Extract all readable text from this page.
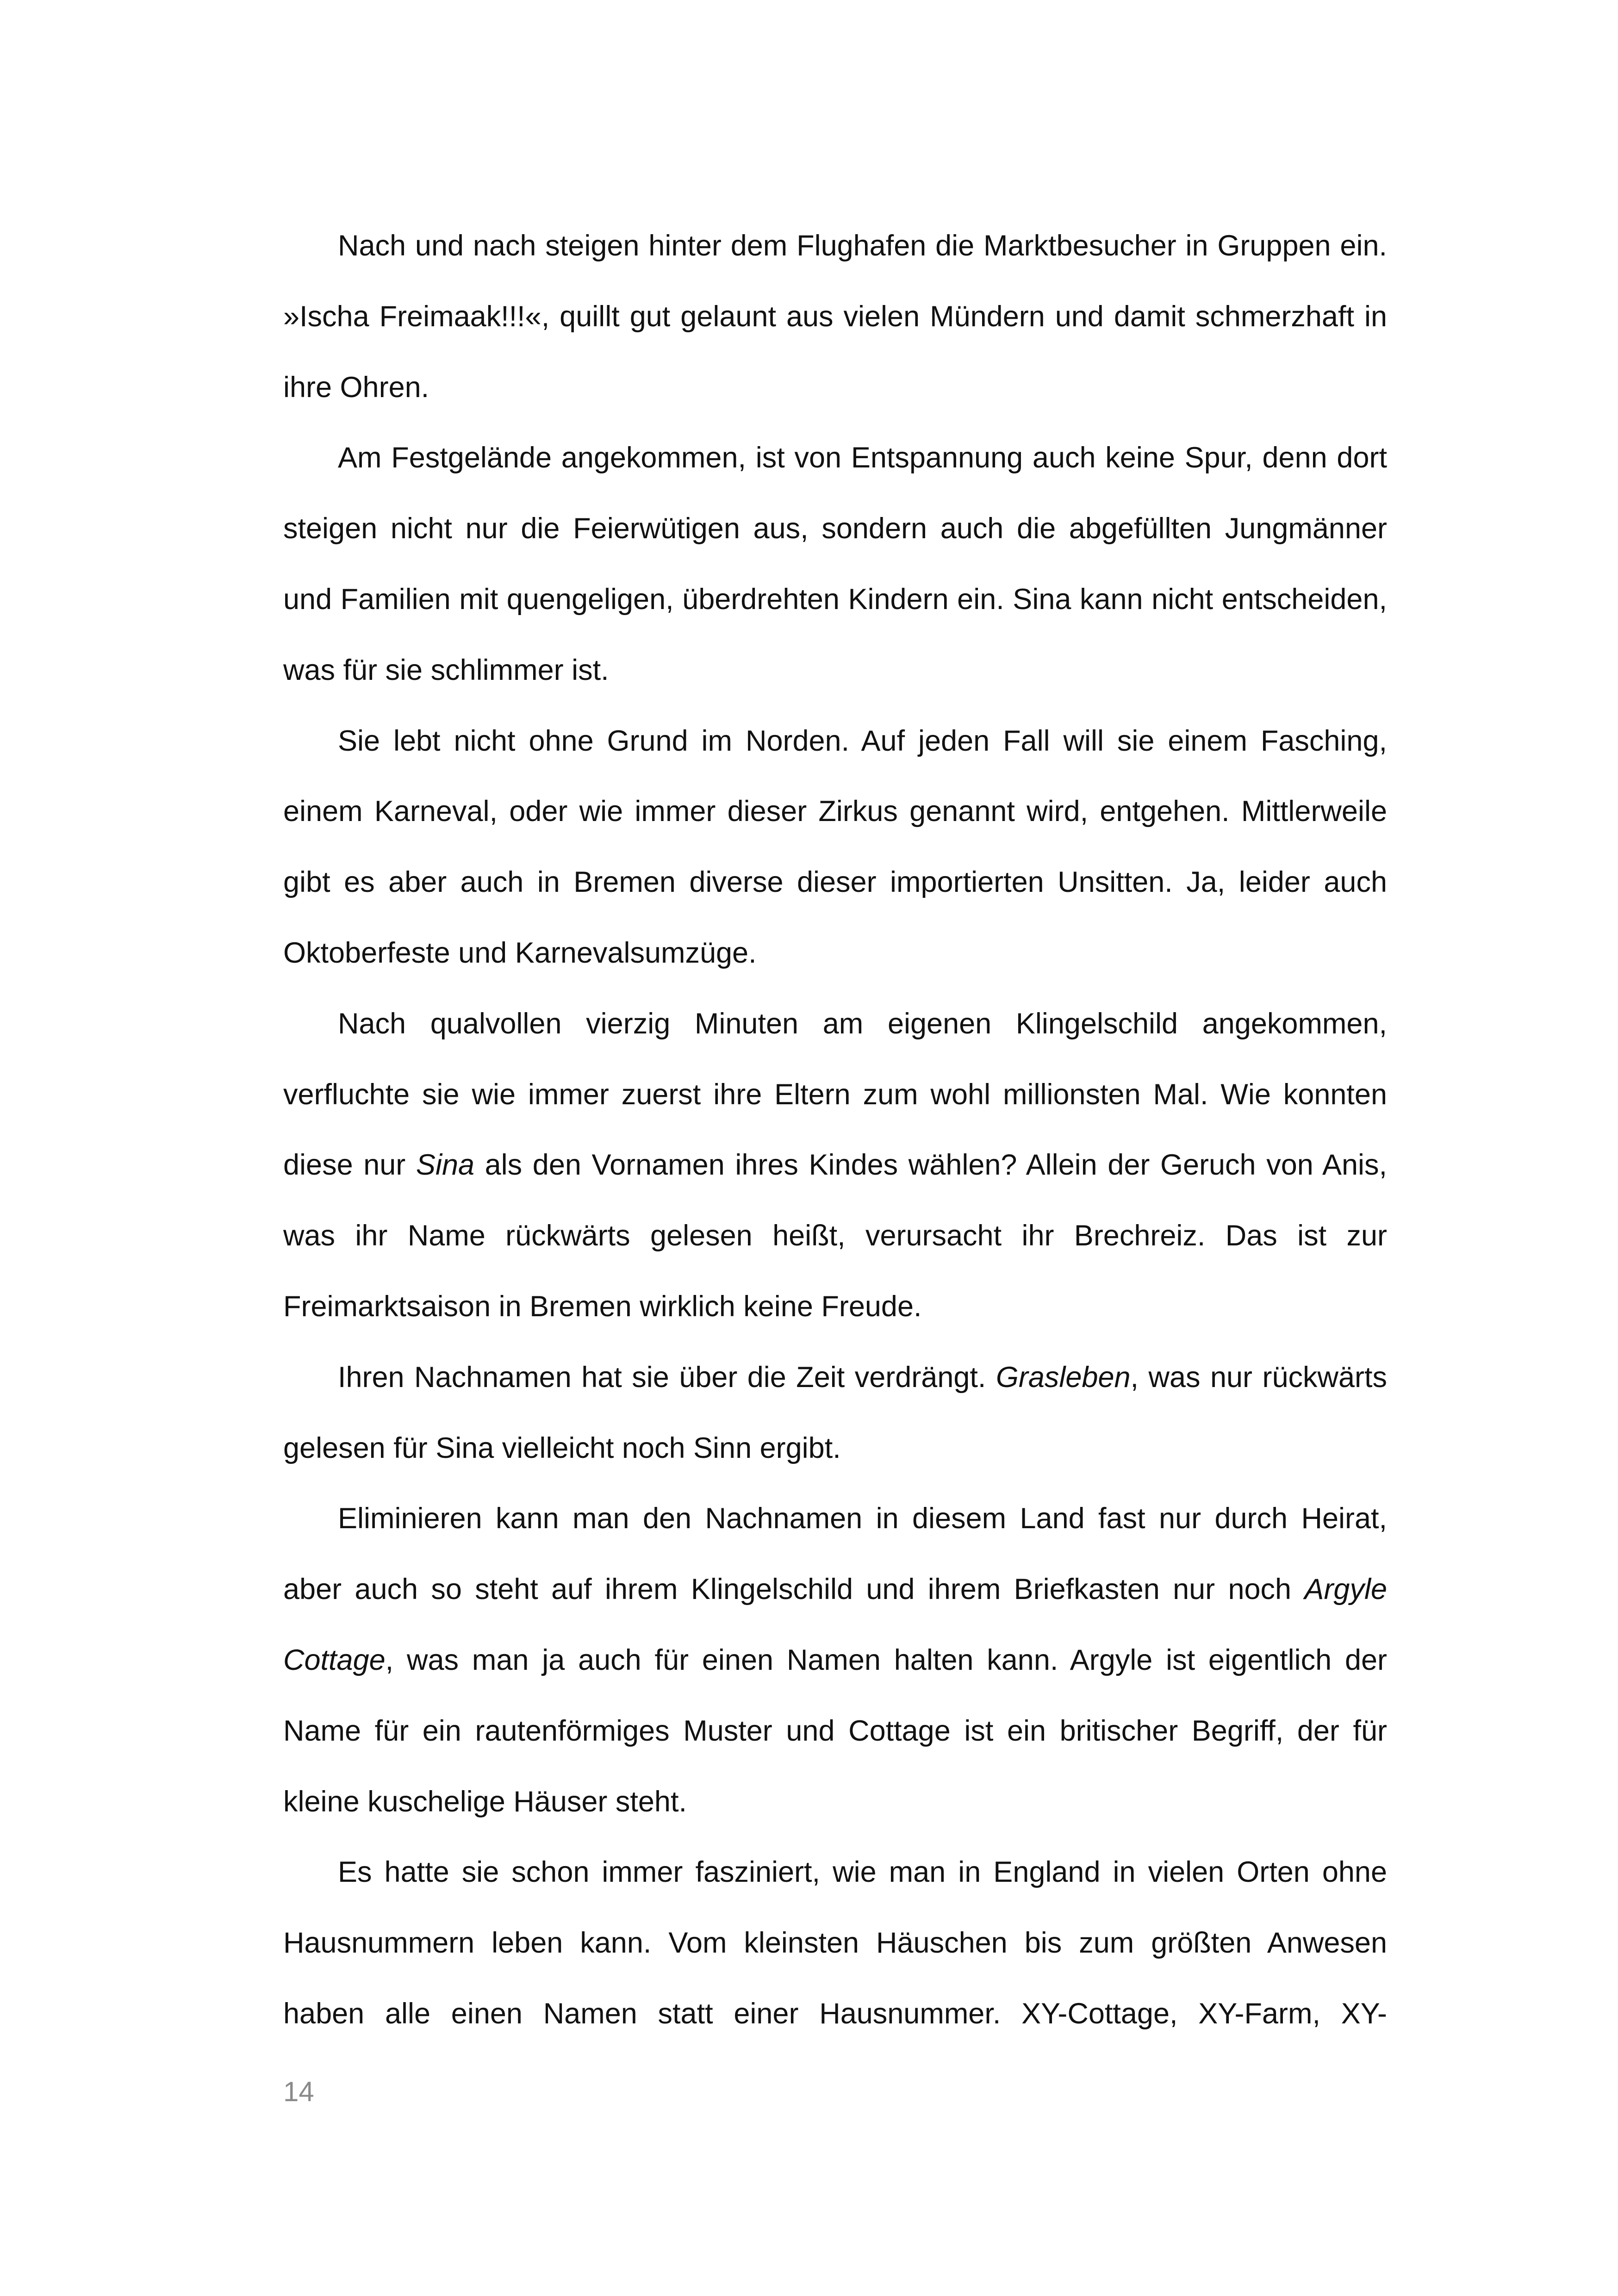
Nach und nach steigen hinter dem Flughafen die Marktbesucher in Gruppen ein. »Ischa Freimaak!!!«, quillt gut gelaunt aus vielen Mündern und damit schmerzhaft in ihre Ohren.

Am Festgelände angekommen, ist von Entspannung auch keine Spur, denn dort steigen nicht nur die Feierwütigen aus, sondern auch die abgefüllten Jungmänner und Familien mit quengeligen, überdrehten Kindern ein. Sina kann nicht entscheiden, was für sie schlimmer ist.

Sie lebt nicht ohne Grund im Norden. Auf jeden Fall will sie einem Fasching, einem Karneval, oder wie immer dieser Zirkus genannt wird, entgehen. Mittlerweile gibt es aber auch in Bremen diverse dieser importierten Unsitten. Ja, leider auch Oktoberfeste und Karnevalsumzüge.

Nach qualvollen vierzig Minuten am eigenen Klingelschild angekommen, verfluchte sie wie immer zuerst ihre Eltern zum wohl millionsten Mal. Wie konnten diese nur Sina als den Vornamen ihres Kindes wählen? Allein der Geruch von Anis, was ihr Name rückwärts gelesen heißt, verursacht ihr Brechreiz. Das ist zur Freimarktsaison in Bremen wirklich keine Freude.

Ihren Nachnamen hat sie über die Zeit verdrängt. Grasleben, was nur rückwärts gelesen für Sina vielleicht noch Sinn ergibt.

Eliminieren kann man den Nachnamen in diesem Land fast nur durch Heirat, aber auch so steht auf ihrem Klingelschild und ihrem Briefkasten nur noch Argyle Cottage, was man ja auch für einen Namen halten kann. Argyle ist eigentlich der Name für ein rautenförmiges Muster und Cottage ist ein britischer Begriff, der für kleine kuschelige Häuser steht.

Es hatte sie schon immer fasziniert, wie man in England in vielen Orten ohne Hausnummern leben kann. Vom kleinsten Häuschen bis zum größten Anwesen haben alle einen Namen statt einer Hausnummer. XY-Cottage, XY-Farm, XY-

14
